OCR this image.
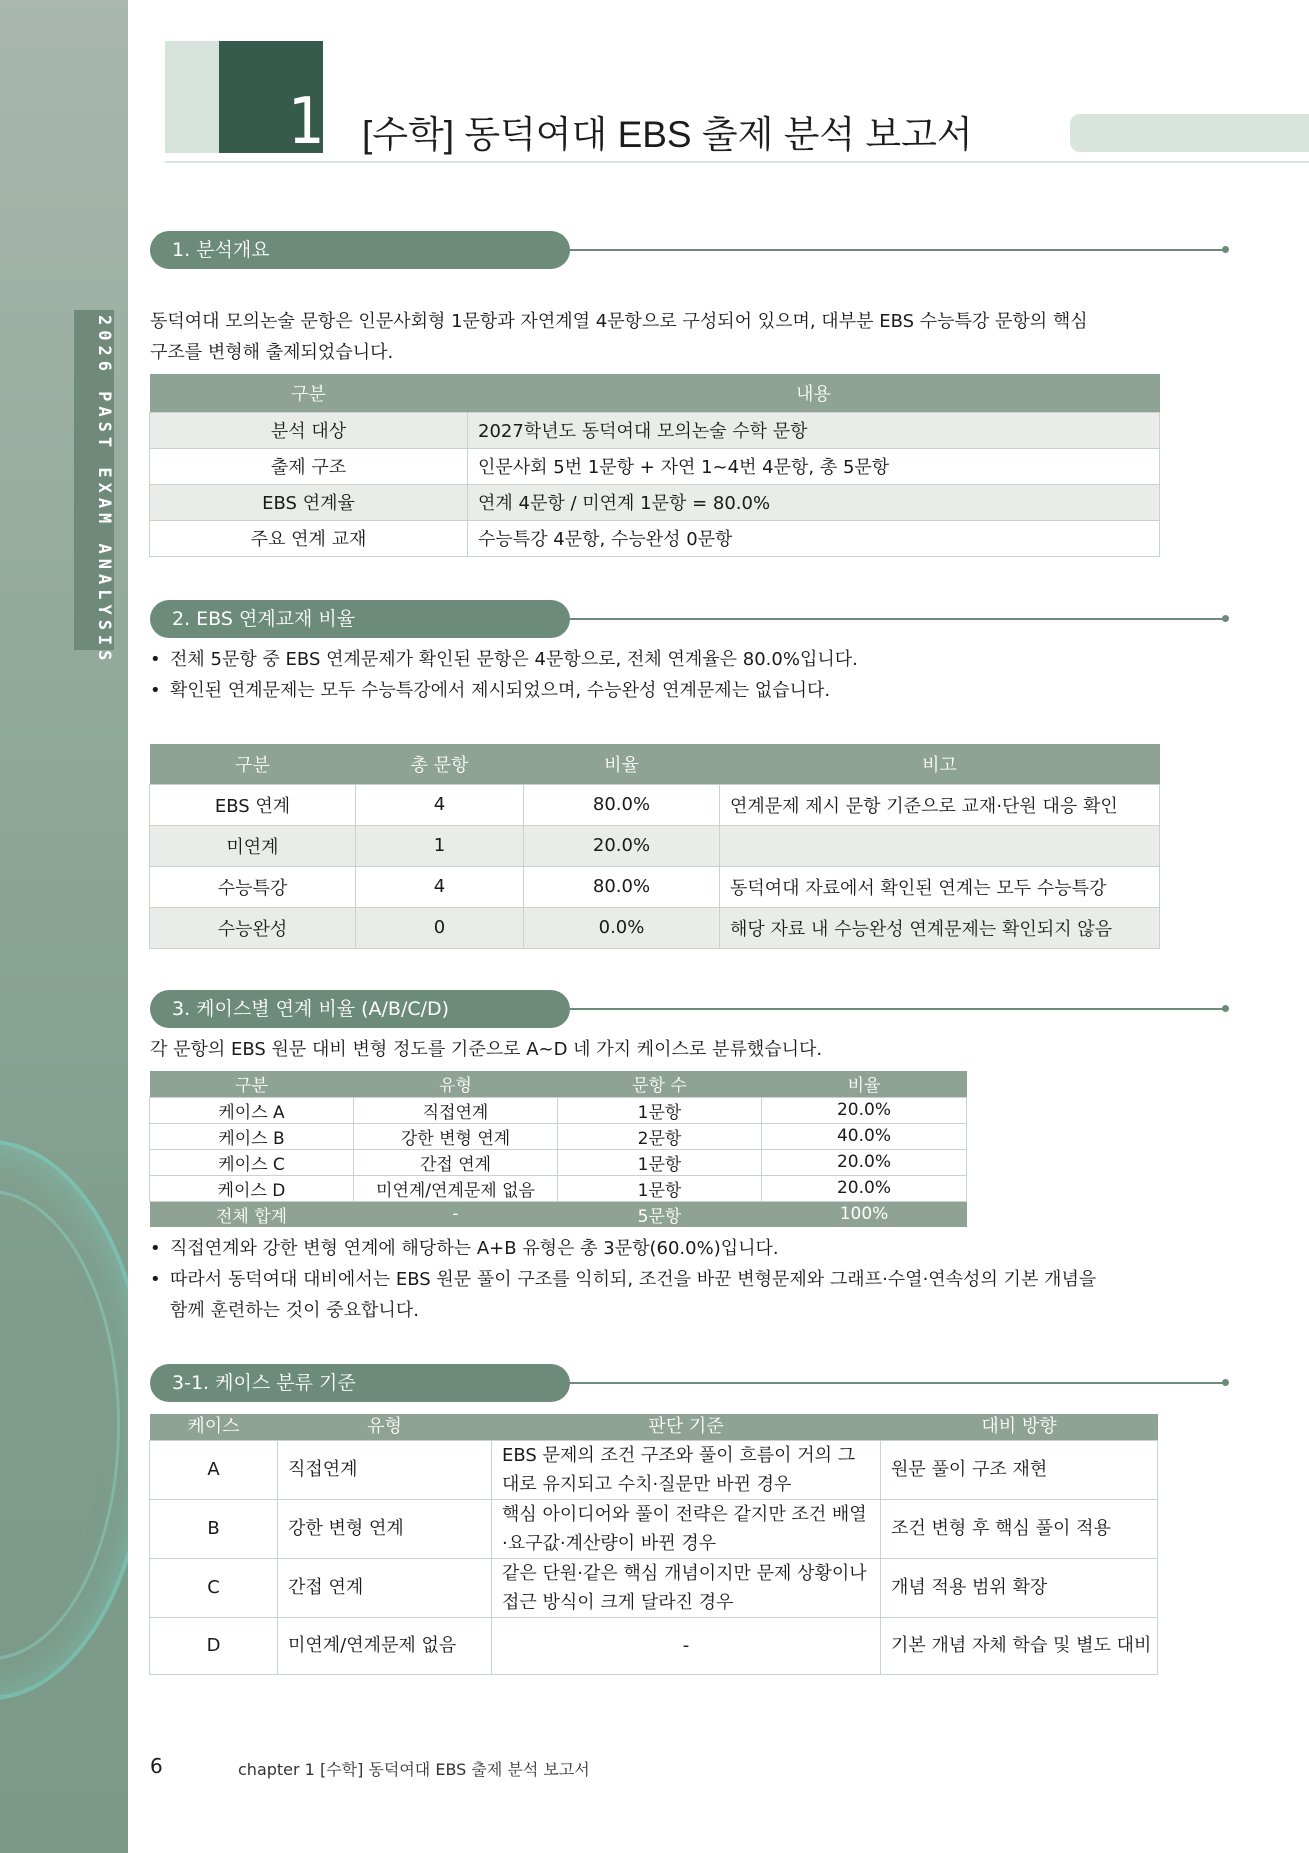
2026 PAST EXAM ANALYSIS
1 [수학] 동덕여대 EBS 출제 분석 보고서
1. 분석개요
동덕여대 모의논술 문항은 인문사회형 1문항과 자연계열 4문항으로 구성되어 있으며, 대부분 EBS 수능특강 문항의 핵심
구조를 변형해 출제되었습니다.
구분	내용
분석 대상	2027학년도 동덕여대 모의논술 수학 문항
출제 구조	인문사회 5번 1문항 + 자연 1~4번 4문항, 총 5문항
EBS 연계율	연계 4문항 / 미연계 1문항 = 80.0%
주요 연계 교재	수능특강 4문항, 수능완성 0문항
2. EBS 연계교재 비율
• 전체 5문항 중 EBS 연계문제가 확인된 문항은 4문항으로, 전체 연계율은 80.0%입니다.
• 확인된 연계문제는 모두 수능특강에서 제시되었으며, 수능완성 연계문제는 없습니다.
구분	총 문항	비율	비고
EBS 연계	4	80.0%	연계문제 제시 문항 기준으로 교재·단원 대응 확인
미연계	1	20.0%	
수능특강	4	80.0%	동덕여대 자료에서 확인된 연계는 모두 수능특강
수능완성	0	0.0%	해당 자료 내 수능완성 연계문제는 확인되지 않음
3. 케이스별 연계 비율 (A/B/C/D)
각 문항의 EBS 원문 대비 변형 정도를 기준으로 A~D 네 가지 케이스로 분류했습니다.
구분	유형	문항 수	비율
케이스 A	직접연계	1문항	20.0%
케이스 B	강한 변형 연계	2문항	40.0%
케이스 C	간접 연계	1문항	20.0%
케이스 D	미연계/연계문제 없음	1문항	20.0%
전체 합계	-	5문항	100%
• 직접연계와 강한 변형 연계에 해당하는 A+B 유형은 총 3문항(60.0%)입니다.
• 따라서 동덕여대 대비에서는 EBS 원문 풀이 구조를 익히되, 조건을 바꾼 변형문제와 그래프·수열·연속성의 기본 개념을
함께 훈련하는 것이 중요합니다.
3-1. 케이스 분류 기준
케이스	유형	판단 기준	대비 방향
A	직접연계	EBS 문제의 조건 구조와 풀이 흐름이 거의 그대로 유지되고 수치·질문만 바뀐 경우	원문 풀이 구조 재현
B	강한 변형 연계	핵심 아이디어와 풀이 전략은 같지만 조건 배열·요구값·계산량이 바뀐 경우	조건 변형 후 핵심 풀이 적용
C	간접 연계	같은 단원·같은 핵심 개념이지만 문제 상황이나 접근 방식이 크게 달라진 경우	개념 적용 범위 확장
D	미연계/연계문제 없음	-	기본 개념 자체 학습 및 별도 대비
6	chapter 1 [수학] 동덕여대 EBS 출제 분석 보고서
